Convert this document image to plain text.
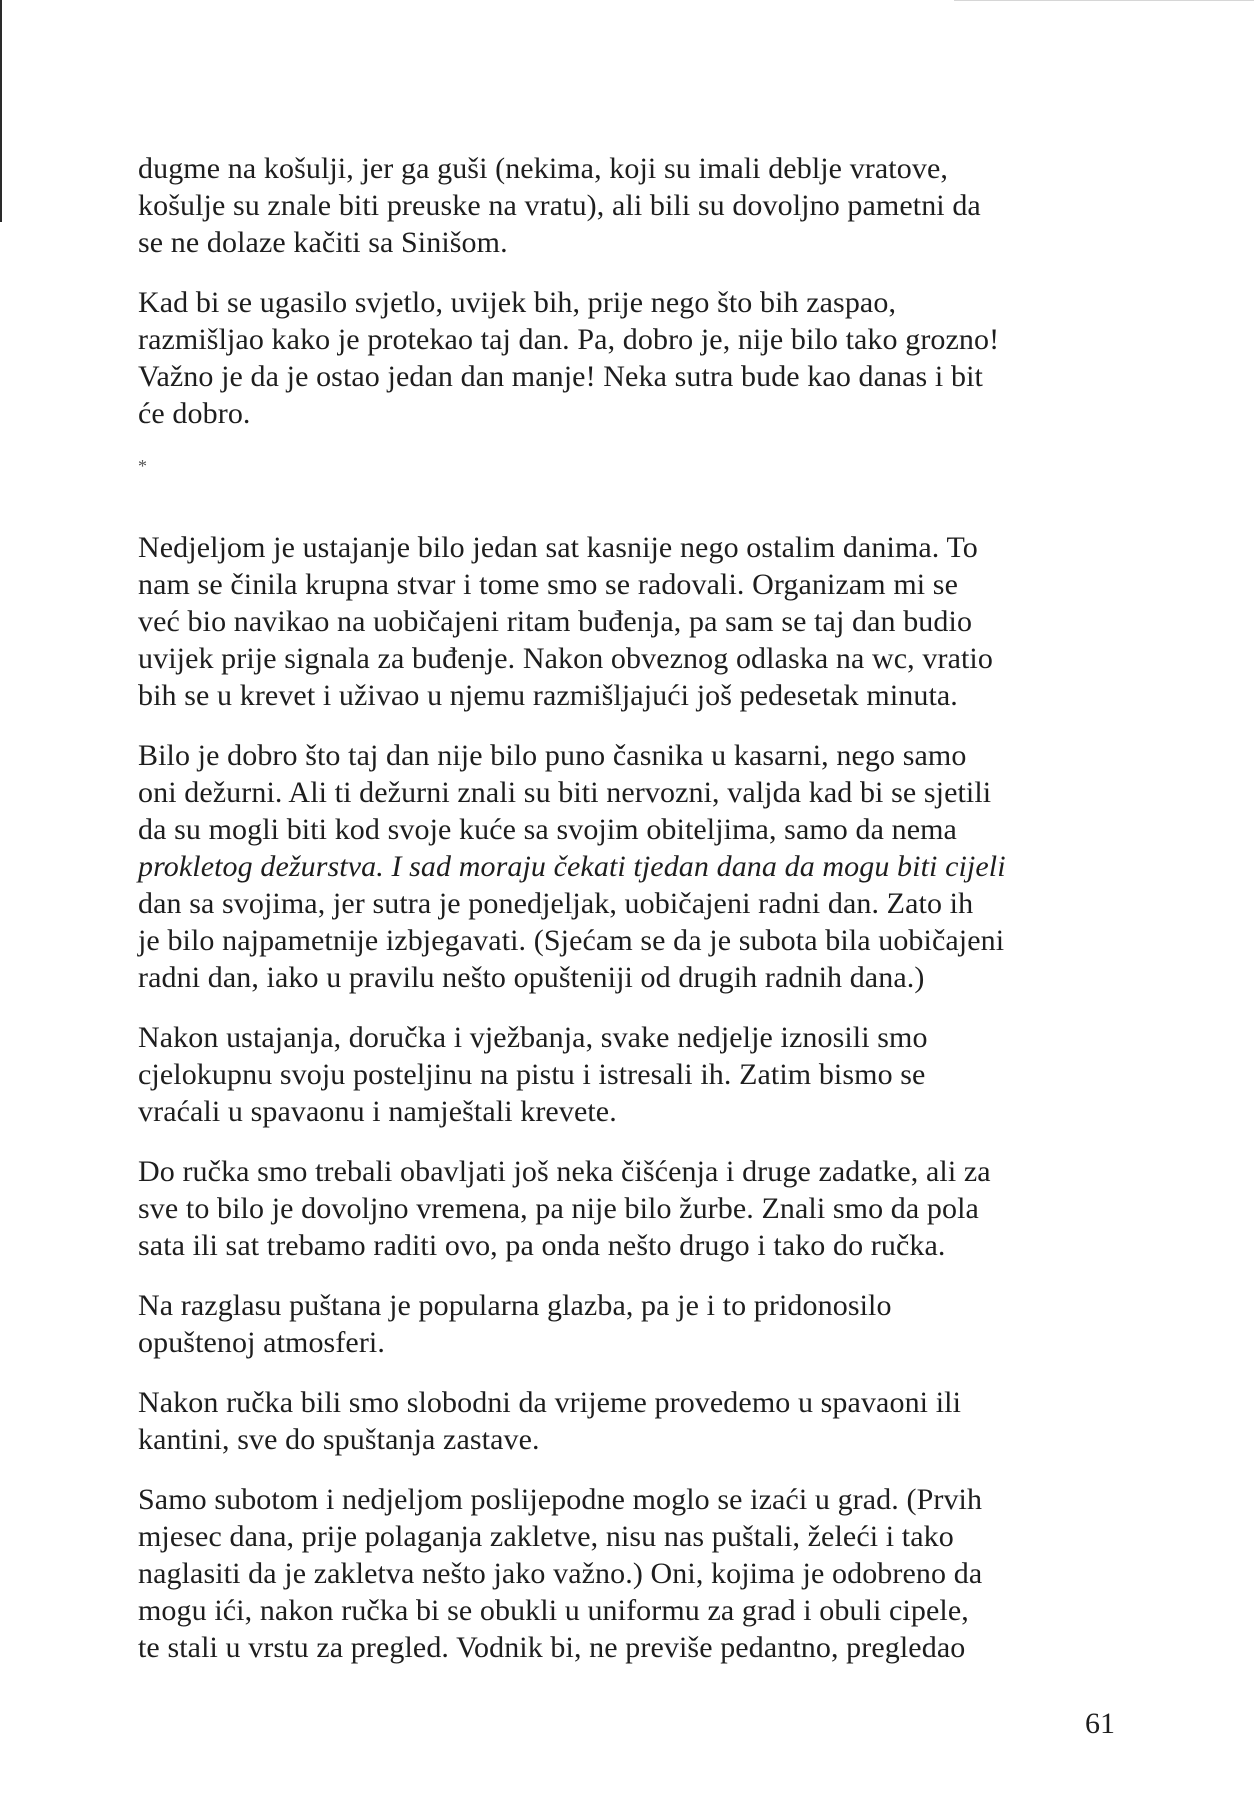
dugme na košulji, jer ga guši (nekima, koji su imali deblje vratove,
košulje su znale biti preuske na vratu), ali bili su dovoljno pametni da
se ne dolaze kačiti sa Sinišom.

Kad bi se ugasilo svjetlo, uvijek bih, prije nego što bih zaspao,
razmišljao kako je protekao taj dan. Pa, dobro je, nije bilo tako grozno!
Važno je da je ostao jedan dan manje! Neka sutra bude kao danas i bit
će dobro.

*

Nedjeljom je ustajanje bilo jedan sat kasnije nego ostalim danima. To
nam se činila krupna stvar i tome smo se radovali. Organizam mi se
već bio navikao na uobičajeni ritam buđenja, pa sam se taj dan budio
uvijek prije signala za buđenje. Nakon obveznog odlaska na wc, vratio
bih se u krevet i uživao u njemu razmišljajući još pedesetak minuta.

Bilo je dobro što taj dan nije bilo puno časnika u kasarni, nego samo
oni dežurni. Ali ti dežurni znali su biti nervozni, valjda kad bi se sjetili
da su mogli biti kod svoje kuće sa svojim obiteljima, samo da nema
prokletog dežurstva. I sad moraju čekati tjedan dana da mogu biti cijeli
dan sa svojima, jer sutra je ponedjeljak, uobičajeni radni dan. Zato ih
je bilo najpametnije izbjegavati. (Sjećam se da je subota bila uobičajeni
radni dan, iako u pravilu nešto opušteniji od drugih radnih dana.)

Nakon ustajanja, doručka i vježbanja, svake nedjelje iznosili smo
cjelokupnu svoju posteljinu na pistu i istresali ih. Zatim bismo se
vraćali u spavaonu i namještali krevete.

Do ručka smo trebali obavljati još neka čišćenja i druge zadatke, ali za
sve to bilo je dovoljno vremena, pa nije bilo žurbe. Znali smo da pola
sata ili sat trebamo raditi ovo, pa onda nešto drugo i tako do ručka.

Na razglasu puštana je popularna glazba, pa je i to pridonosilo
opuštenoj atmosferi.

Nakon ručka bili smo slobodni da vrijeme provedemo u spavaoni ili
kantini, sve do spuštanja zastave.

Samo subotom i nedjeljom poslijepodne moglo se izaći u grad. (Prvih
mjesec dana, prije polaganja zakletve, nisu nas puštali, želeći i tako
naglasiti da je zakletva nešto jako važno.) Oni, kojima je odobreno da
mogu ići, nakon ručka bi se obukli u uniformu za grad i obuli cipele,
te stali u vrstu za pregled. Vodnik bi, ne previše pedantno, pregledao

61
